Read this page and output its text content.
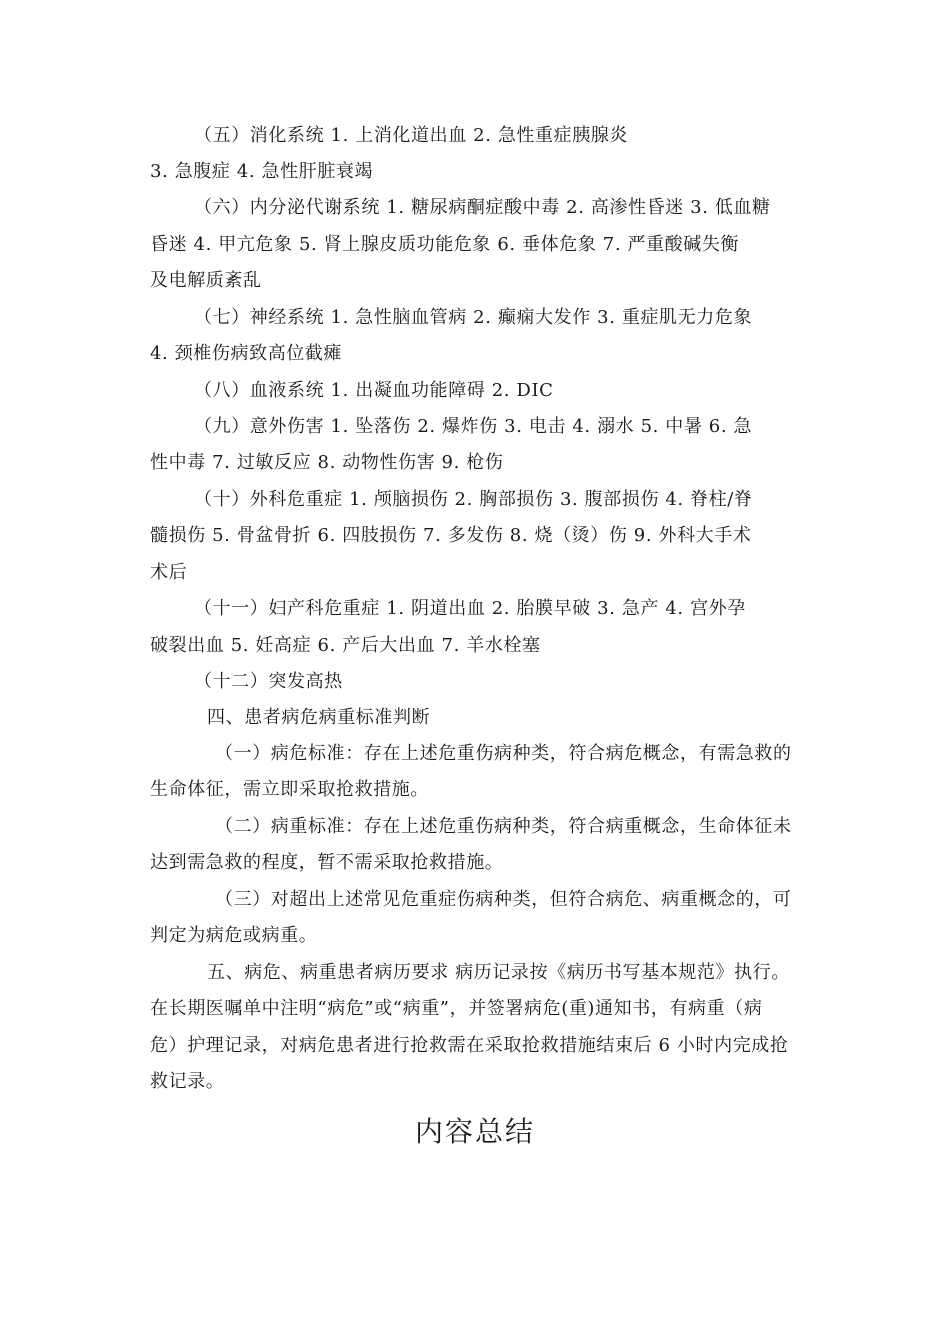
（五）消化系统 1. 上消化道出血 2. 急性重症胰腺炎
3. 急腹症 4. 急性肝脏衰竭
（六）内分泌代谢系统 1. 糖尿病酮症酸中毒 2. 高渗性昏迷 3. 低血糖
昏迷 4. 甲亢危象 5. 肾上腺皮质功能危象 6. 垂体危象 7. 严重酸碱失衡
及电解质紊乱
（七）神经系统 1. 急性脑血管病 2. 癫痫大发作 3. 重症肌无力危象
4. 颈椎伤病致高位截瘫
（八）血液系统 1. 出凝血功能障碍 2. DIC
（九）意外伤害 1. 坠落伤 2. 爆炸伤 3. 电击 4. 溺水 5. 中暑 6. 急
性中毒 7. 过敏反应 8. 动物性伤害 9. 枪伤
（十）外科危重症 1. 颅脑损伤 2. 胸部损伤 3. 腹部损伤 4. 脊柱/脊
髓损伤 5. 骨盆骨折 6. 四肢损伤 7. 多发伤 8. 烧（烫）伤 9. 外科大手术
术后
（十一）妇产科危重症 1. 阴道出血 2. 胎膜早破 3. 急产 4. 宫外孕
破裂出血 5. 妊高症 6. 产后大出血 7. 羊水栓塞
（十二）突发高热
四、患者病危病重标准判断
（一）病危标准：存在上述危重伤病种类，符合病危概念，有需急救的
生命体征，需立即采取抢救措施。
（二）病重标准：存在上述危重伤病种类，符合病重概念，生命体征未
达到需急救的程度，暂不需采取抢救措施。
（三）对超出上述常见危重症伤病种类，但符合病危、病重概念的，可
判定为病危或病重。
五、病危、病重患者病历要求 病历记录按《病历书写基本规范》执行。
在长期医嘱单中注明“病危”或“病重”，并签署病危(重)通知书，有病重（病
危）护理记录，对病危患者进行抢救需在采取抢救措施结束后 6 小时内完成抢
救记录。
内容总结
